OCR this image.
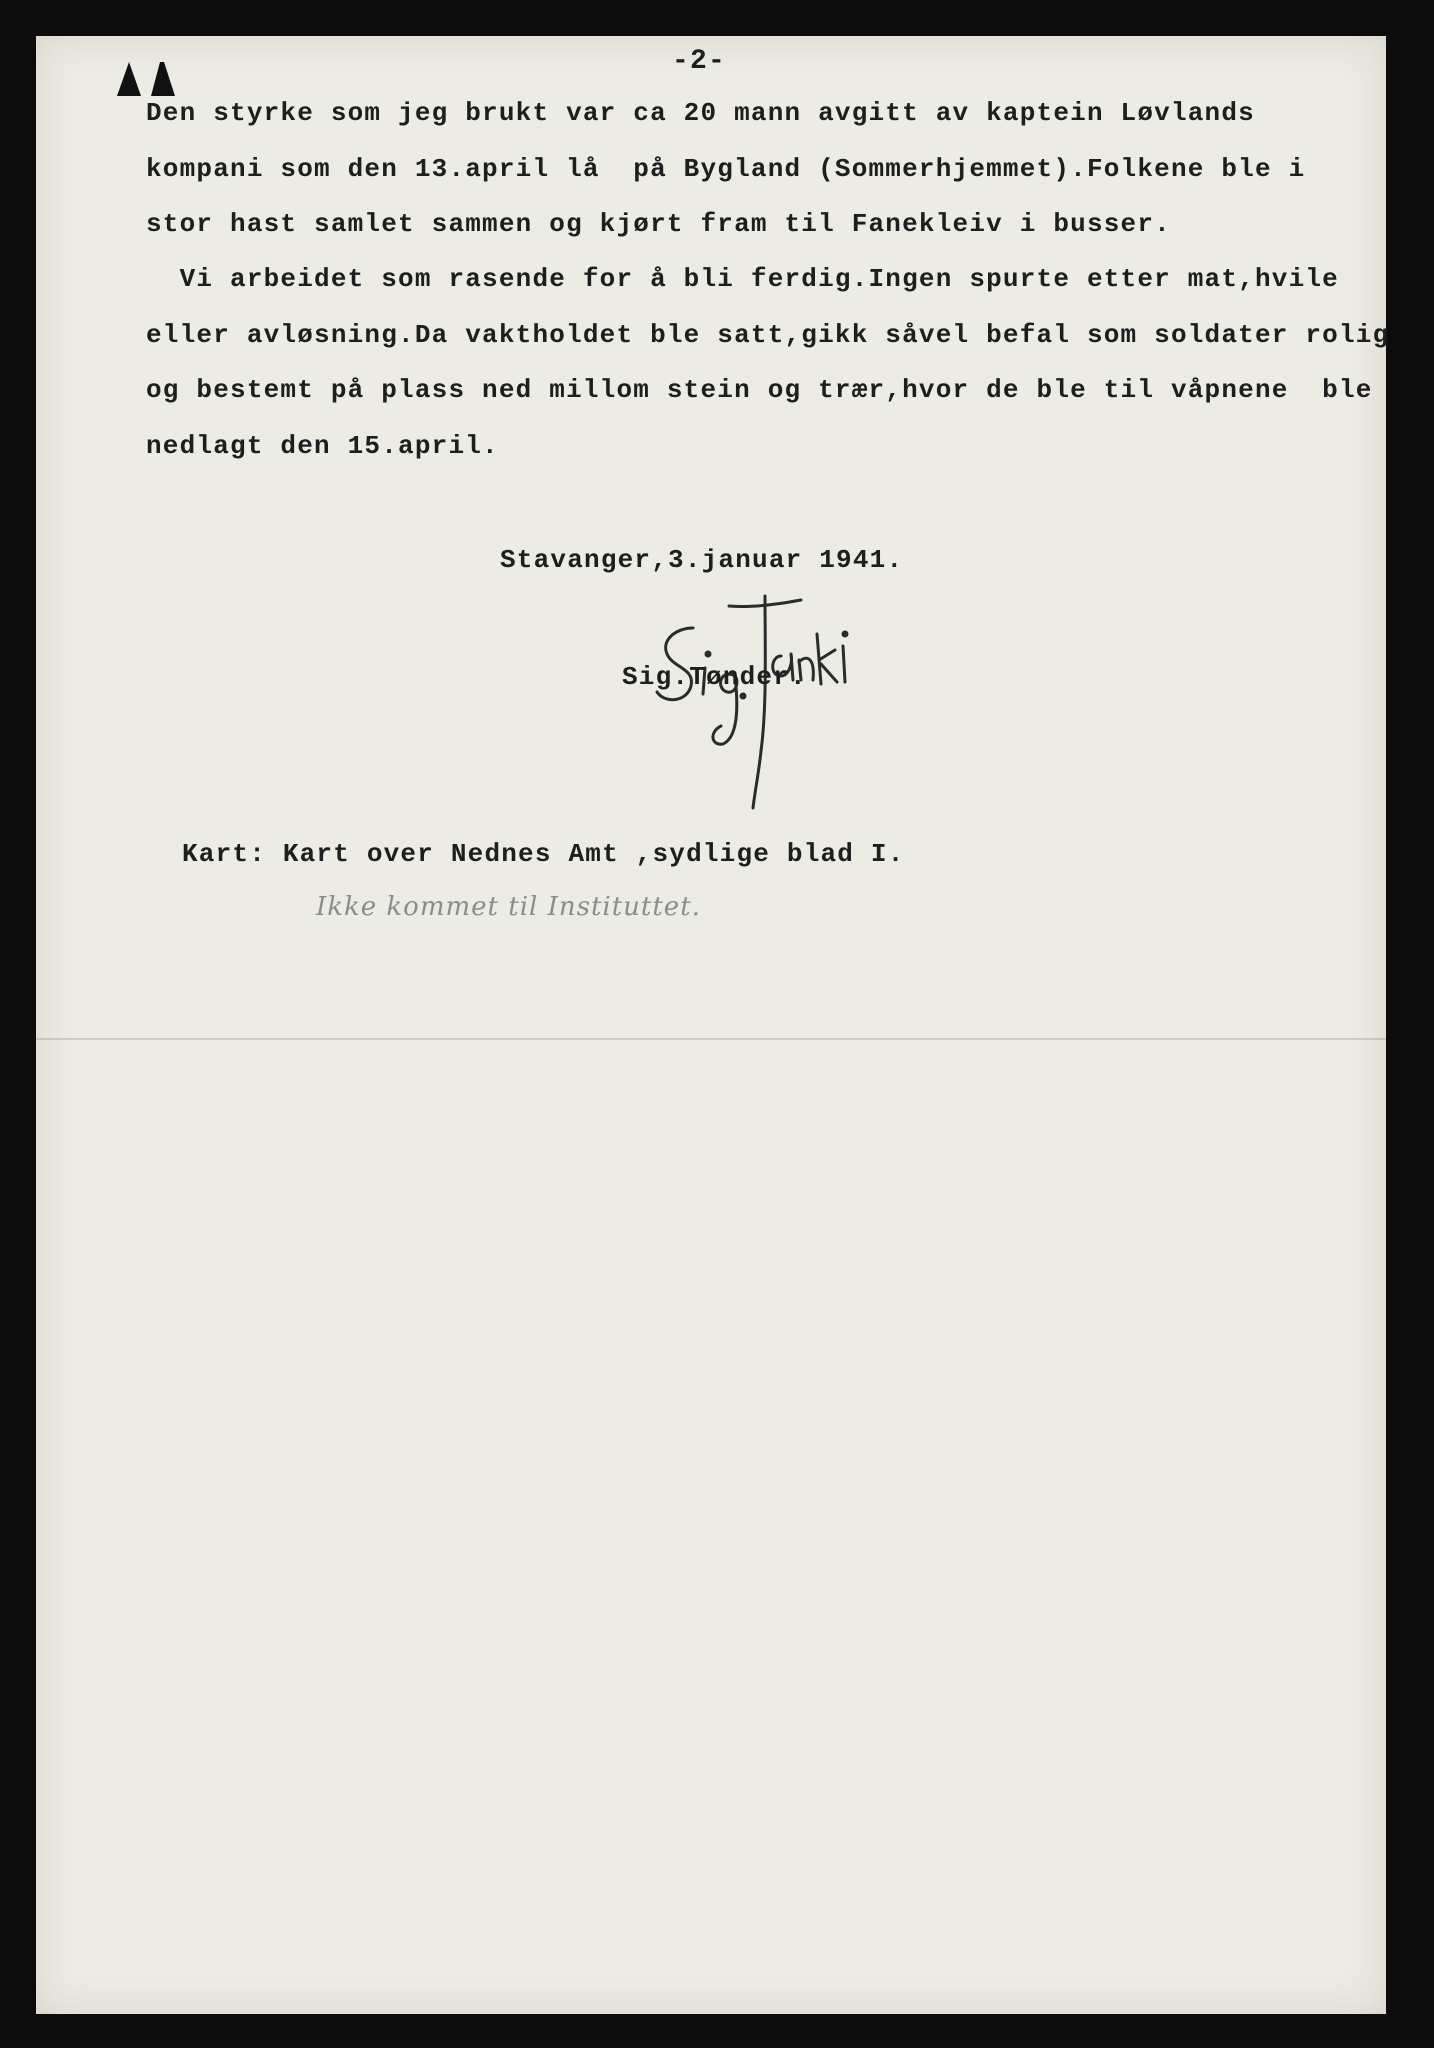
-2-
Den styrke som jeg brukt var ca 20 mann avgitt av kaptein Løvlands
kompani som den 13.april lå  på Bygland (Sommerhjemmet).Folkene ble i
stor hast samlet sammen og kjørt fram til Fanekleiv i busser.
Vi arbeidet som rasende for å bli ferdig.Ingen spurte etter mat,hvile
eller avløsning.Da vaktholdet ble satt,gikk såvel befal som soldater rolig
og bestemt på plass ned millom stein og trær,hvor de ble til våpnene  ble
nedlagt den 15.april.
Stavanger,3.januar 1941.
Sig.Tønder.
Kart: Kart over Nednes Amt ,sydlige blad I.
Ikke kommet til Instituttet.
